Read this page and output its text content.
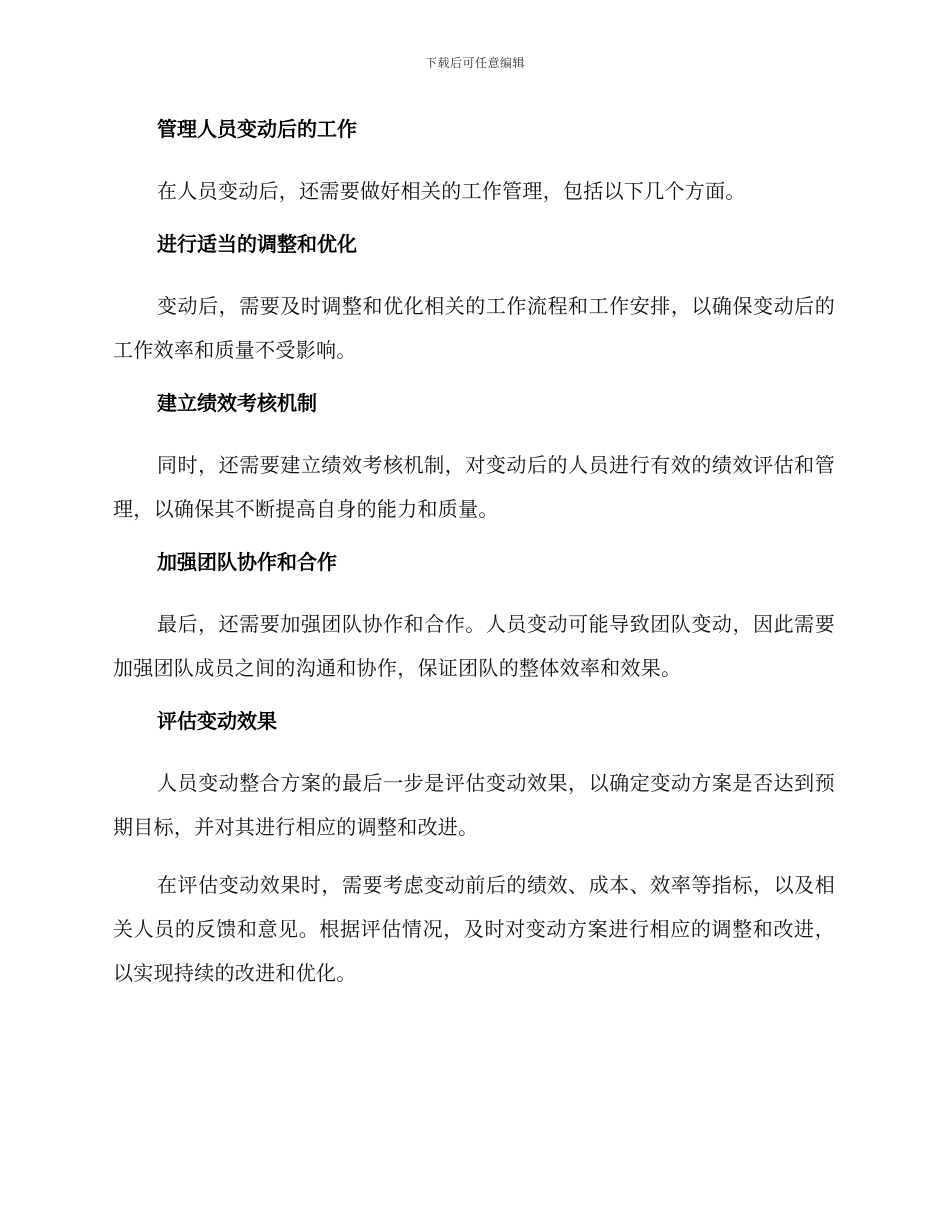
下载后可任意编辑
管理人员变动后的工作

在人员变动后，还需要做好相关的工作管理，包括以下几个方面。

进行适当的调整和优化

变动后，需要及时调整和优化相关的工作流程和工作安排，以确保变动后的工作效率和质量不受影响。

建立绩效考核机制

同时，还需要建立绩效考核机制，对变动后的人员进行有效的绩效评估和管理，以确保其不断提高自身的能力和质量。

加强团队协作和合作

最后，还需要加强团队协作和合作。人员变动可能导致团队变动，因此需要加强团队成员之间的沟通和协作，保证团队的整体效率和效果。

评估变动效果

人员变动整合方案的最后一步是评估变动效果，以确定变动方案是否达到预期目标，并对其进行相应的调整和改进。

在评估变动效果时，需要考虑变动前后的绩效、成本、效率等指标，以及相关人员的反馈和意见。根据评估情况，及时对变动方案进行相应的调整和改进，以实现持续的改进和优化。
